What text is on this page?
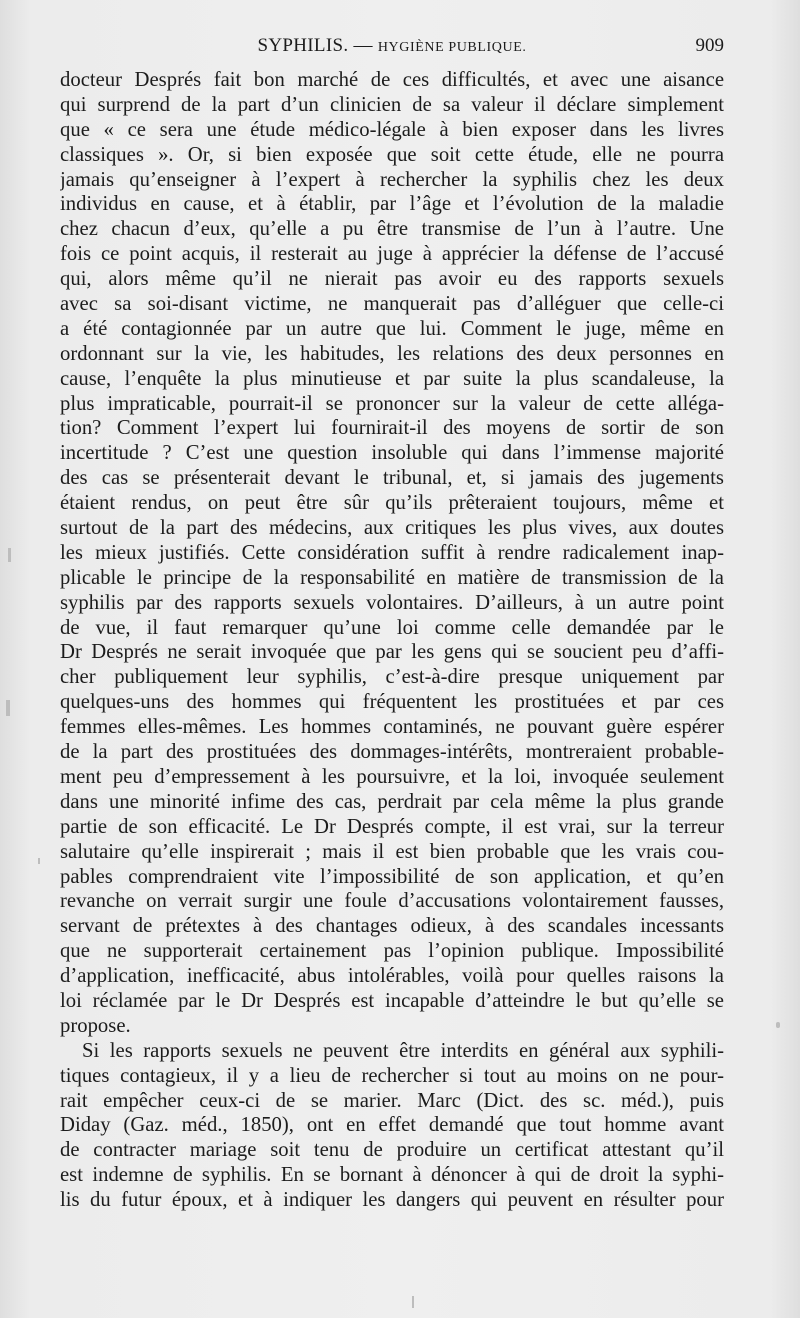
SYPHILIS. — HYGIÈNE PUBLIQUE.	909
docteur Després fait bon marché de ces difficultés, et avec une aisance
qui surprend de la part d’un clinicien de sa valeur il déclare simplement
que « ce sera une étude médico-légale à bien exposer dans les livres
classiques ». Or, si bien exposée que soit cette étude, elle ne pourra
jamais qu’enseigner à l’expert à rechercher la syphilis chez les deux
individus en cause, et à établir, par l’âge et l’évolution de la maladie
chez chacun d’eux, qu’elle a pu être transmise de l’un à l’autre. Une
fois ce point acquis, il resterait au juge à apprécier la défense de l’accusé
qui, alors même qu’il ne nierait pas avoir eu des rapports sexuels
avec sa soi-disant victime, ne manquerait pas d’alléguer que celle-ci
a été contagionnée par un autre que lui. Comment le juge, même en
ordonnant sur la vie, les habitudes, les relations des deux personnes en
cause, l’enquête la plus minutieuse et par suite la plus scandaleuse, la
plus impraticable, pourrait-il se prononcer sur la valeur de cette alléga-
tion? Comment l’expert lui fournirait-il des moyens de sortir de son
incertitude ? C’est une question insoluble qui dans l’immense majorité
des cas se présenterait devant le tribunal, et, si jamais des jugements
étaient rendus, on peut être sûr qu’ils prêteraient toujours, même et
surtout de la part des médecins, aux critiques les plus vives, aux doutes
les mieux justifiés. Cette considération suffit à rendre radicalement inap-
plicable le principe de la responsabilité en matière de transmission de la
syphilis par des rapports sexuels volontaires. D’ailleurs, à un autre point
de vue, il faut remarquer qu’une loi comme celle demandée par le
Dr Després ne serait invoquée que par les gens qui se soucient peu d’affi-
cher publiquement leur syphilis, c’est-à-dire presque uniquement par
quelques-uns des hommes qui fréquentent les prostituées et par ces
femmes elles-mêmes. Les hommes contaminés, ne pouvant guère espérer
de la part des prostituées des dommages-intérêts, montreraient probable-
ment peu d’empressement à les poursuivre, et la loi, invoquée seulement
dans une minorité infime des cas, perdrait par cela même la plus grande
partie de son efficacité. Le Dr Després compte, il est vrai, sur la terreur
salutaire qu’elle inspirerait ; mais il est bien probable que les vrais cou-
pables comprendraient vite l’impossibilité de son application, et qu’en
revanche on verrait surgir une foule d’accusations volontairement fausses,
servant de prétextes à des chantages odieux, à des scandales incessants
que ne supporterait certainement pas l’opinion publique. Impossibilité
d’application, inefficacité, abus intolérables, voilà pour quelles raisons la
loi réclamée par le Dr Després est incapable d’atteindre le but qu’elle se
propose.
Si les rapports sexuels ne peuvent être interdits en général aux syphili-
tiques contagieux, il y a lieu de rechercher si tout au moins on ne pour-
rait empêcher ceux-ci de se marier. Marc (Dict. des sc. méd.), puis
Diday (Gaz. méd., 1850), ont en effet demandé que tout homme avant
de contracter mariage soit tenu de produire un certificat attestant qu’il
est indemne de syphilis. En se bornant à dénoncer à qui de droit la syphi-
lis du futur époux, et à indiquer les dangers qui peuvent en résulter pour
